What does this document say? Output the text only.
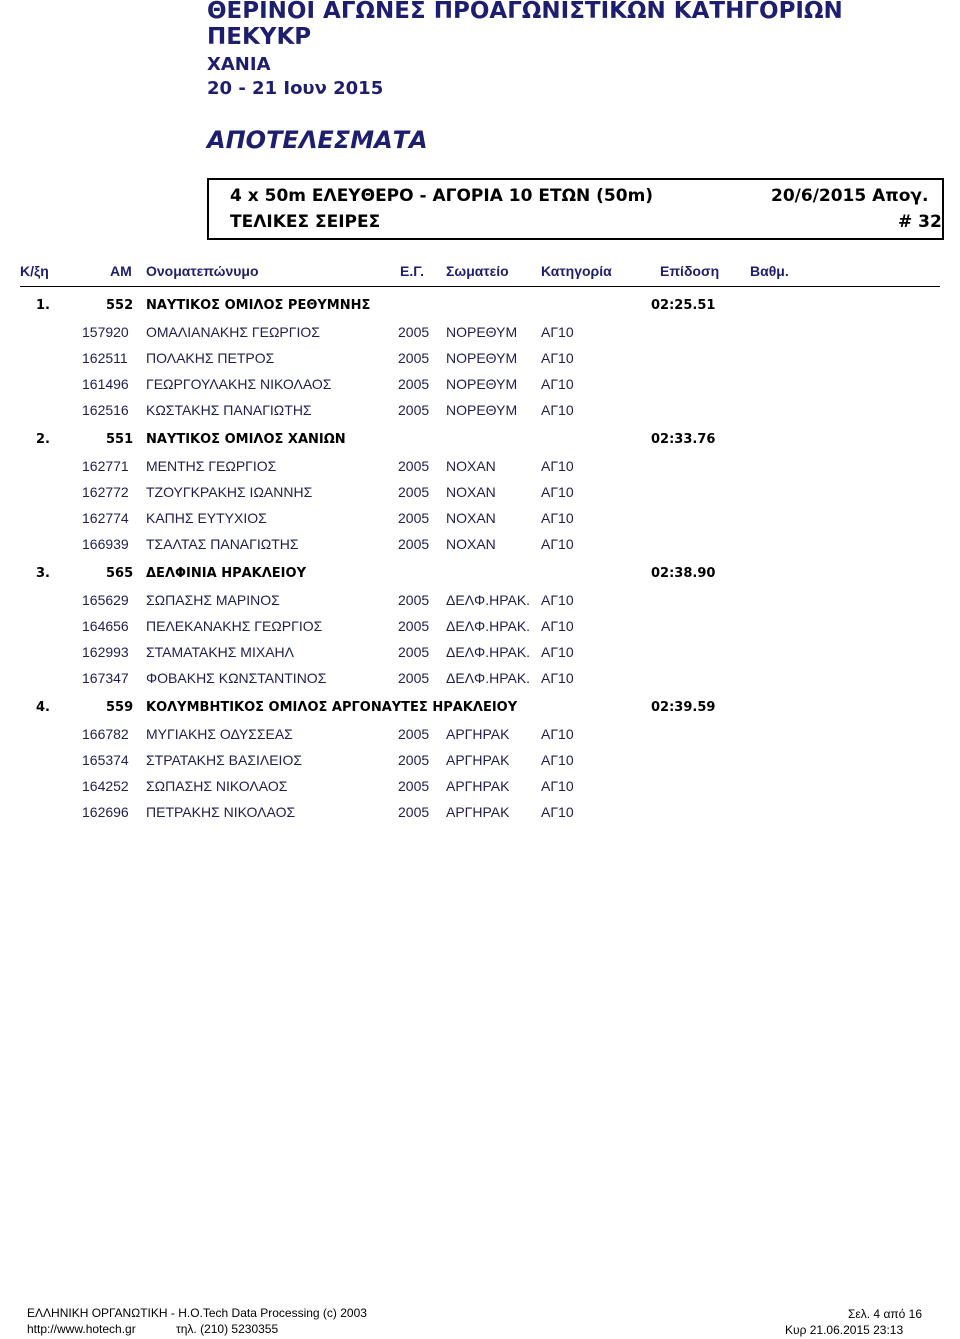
ΘΕΡΙΝΟΙ ΑΓΩΝΕΣ ΠΡΟΑΓΩΝΙΣΤΙΚΩΝ ΚΑΤΗΓΟΡΙΩΝ
ΠΕΚΥΚΡ
ΧΑΝΙΑ
20 - 21 Ιουν 2015
ΑΠΟΤΕΛΕΣΜΑΤΑ
4 x 50m ΕΛΕΥΘΕΡΟ - ΑΓΟΡΙΑ 10 ΕΤΩΝ (50m)	20/6/2015 Απογ.
ΤΕΛΙΚΕΣ ΣΕΙΡΕΣ	# 32
Κ/ξη	ΑΜ Ονοματεπώνυμο	Ε.Γ. Σωματείο Κατηγορία	Επίδοση Βαθμ.
1.	552 ΝΑΥΤΙΚΟΣ ΟΜΙΛΟΣ ΡΕΘΥΜΝΗΣ	02:25.51
157920 ΟΜΑΛΙΑΝΑΚΗΣ ΓΕΩΡΓΙΟΣ	2005 ΝΟΡΕΘΥΜ ΑΓ10
162511 ΠΟΛΑΚΗΣ ΠΕΤΡΟΣ	2005 ΝΟΡΕΘΥΜ ΑΓ10
161496 ΓΕΩΡΓΟΥΛΑΚΗΣ ΝΙΚΟΛΑΟΣ	2005 ΝΟΡΕΘΥΜ ΑΓ10
162516 ΚΩΣΤΑΚΗΣ ΠΑΝΑΓΙΩΤΗΣ	2005 ΝΟΡΕΘΥΜ ΑΓ10
2.	551 ΝΑΥΤΙΚΟΣ ΟΜΙΛΟΣ ΧΑΝΙΩΝ	02:33.76
162771 ΜΕΝΤΗΣ ΓΕΩΡΓΙΟΣ	2005 ΝΟΧΑΝ	ΑΓ10
162772 ΤΖΟΥΓΚΡΑΚΗΣ ΙΩΑΝΝΗΣ	2005 ΝΟΧΑΝ	ΑΓ10
162774 ΚΑΠΗΣ ΕΥΤΥΧΙΟΣ	2005 ΝΟΧΑΝ	ΑΓ10
166939 ΤΣΑΛΤΑΣ ΠΑΝΑΓΙΩΤΗΣ	2005 ΝΟΧΑΝ	ΑΓ10
3.	565 ΔΕΛΦΙΝΙΑ ΗΡΑΚΛΕΙΟΥ	02:38.90
165629 ΣΩΠΑΣΗΣ ΜΑΡΙΝΟΣ	2005 ΔΕΛΦ.ΗΡΑΚ. ΑΓ10
164656 ΠΕΛΕΚΑΝΑΚΗΣ ΓΕΩΡΓΙΟΣ	2005 ΔΕΛΦ.ΗΡΑΚ. ΑΓ10
162993 ΣΤΑΜΑΤΑΚΗΣ ΜΙΧΑΗΛ	2005 ΔΕΛΦ.ΗΡΑΚ. ΑΓ10
167347 ΦΟΒΑΚΗΣ ΚΩΝΣΤΑΝΤΙΝΟΣ	2005 ΔΕΛΦ.ΗΡΑΚ. ΑΓ10
4.	559 ΚΟΛΥΜΒΗΤΙΚΟΣ ΟΜΙΛΟΣ ΑΡΓΟΝΑΥΤΕΣ ΗΡΑΚΛΕΙΟΥ	02:39.59
166782 ΜΥΓΙΑΚΗΣ ΟΔΥΣΣΕΑΣ	2005 ΑΡΓΗΡΑΚ ΑΓ10
165374 ΣΤΡΑΤΑΚΗΣ ΒΑΣΙΛΕΙΟΣ	2005 ΑΡΓΗΡΑΚ ΑΓ10
164252 ΣΩΠΑΣΗΣ ΝΙΚΟΛΑΟΣ	2005 ΑΡΓΗΡΑΚ ΑΓ10
162696 ΠΕΤΡΑΚΗΣ ΝΙΚΟΛΑΟΣ	2005 ΑΡΓΗΡΑΚ ΑΓ10
ΕΛΛΗΝΙΚΗ ΟΡΓΑΝΩΤΙΚΗ - Η.Ο.Tech Data Processing (c) 2003
http://www.hotech.gr	τηλ. (210) 5230355
Σελ. 4 από 16
Κυρ 21.06.2015 23:13
